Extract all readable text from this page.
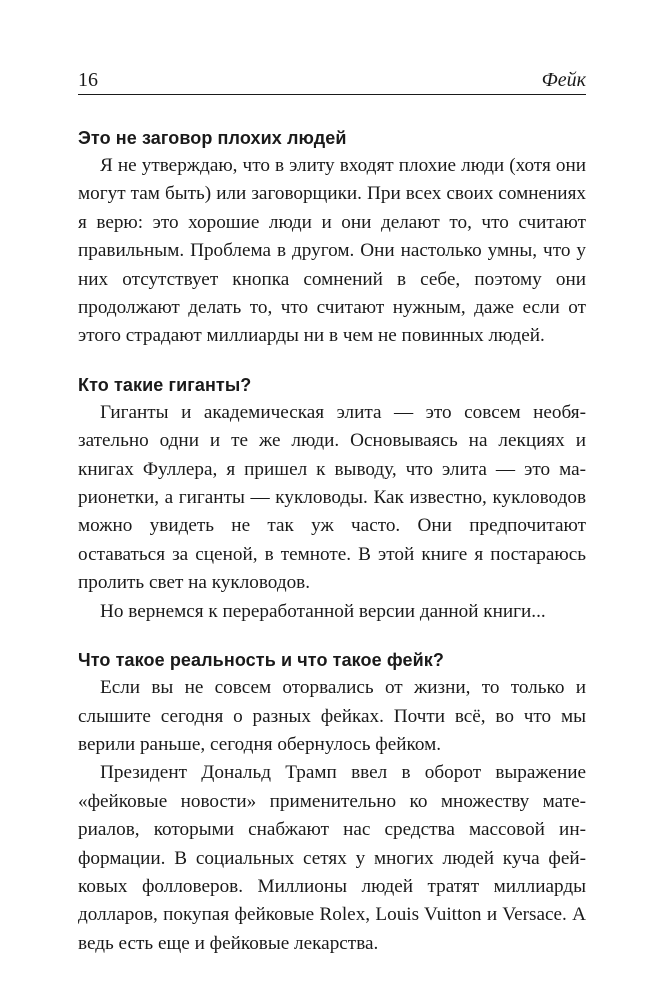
16	Фейк
Это не заговор плохих людей

Я не утверждаю, что в элиту входят плохие люди (хотя они могут там быть) или заговорщики. При всех своих сомнениях я верю: это хорошие люди и они делают то, что считают правильным. Проблема в другом. Они настолько умны, что у них отсутствует кнопка сомнений в себе, поэтому они продолжают делать то, что считают нужным, даже если от этого страдают миллиарды ни в чем не повинных людей.

Кто такие гиганты?

Гиганты и академическая элита — это совсем необязательно одни и те же люди. Основываясь на лекциях и книгах Фуллера, я пришел к выводу, что элита — это марионетки, а гиганты — кукловоды. Как известно, кукловодов можно увидеть не так уж часто. Они предпочитают оставаться за сценой, в темноте. В этой книге я постараюсь пролить свет на кукловодов.

Но вернемся к переработанной версии данной книги...

Что такое реальность и что такое фейк?

Если вы не совсем оторвались от жизни, то только и слышите сегодня о разных фейках. Почти всё, во что мы верили раньше, сегодня обернулось фейком.

Президент Дональд Трамп ввел в оборот выражение «фейковые новости» применительно ко множеству материалов, которыми снабжают нас средства массовой информации. В социальных сетях у многих людей куча фейковых фолловеров. Миллионы людей тратят миллиарды долларов, покупая фейковые Rolex, Louis Vuitton и Versace. А ведь есть еще и фейковые лекарства.
